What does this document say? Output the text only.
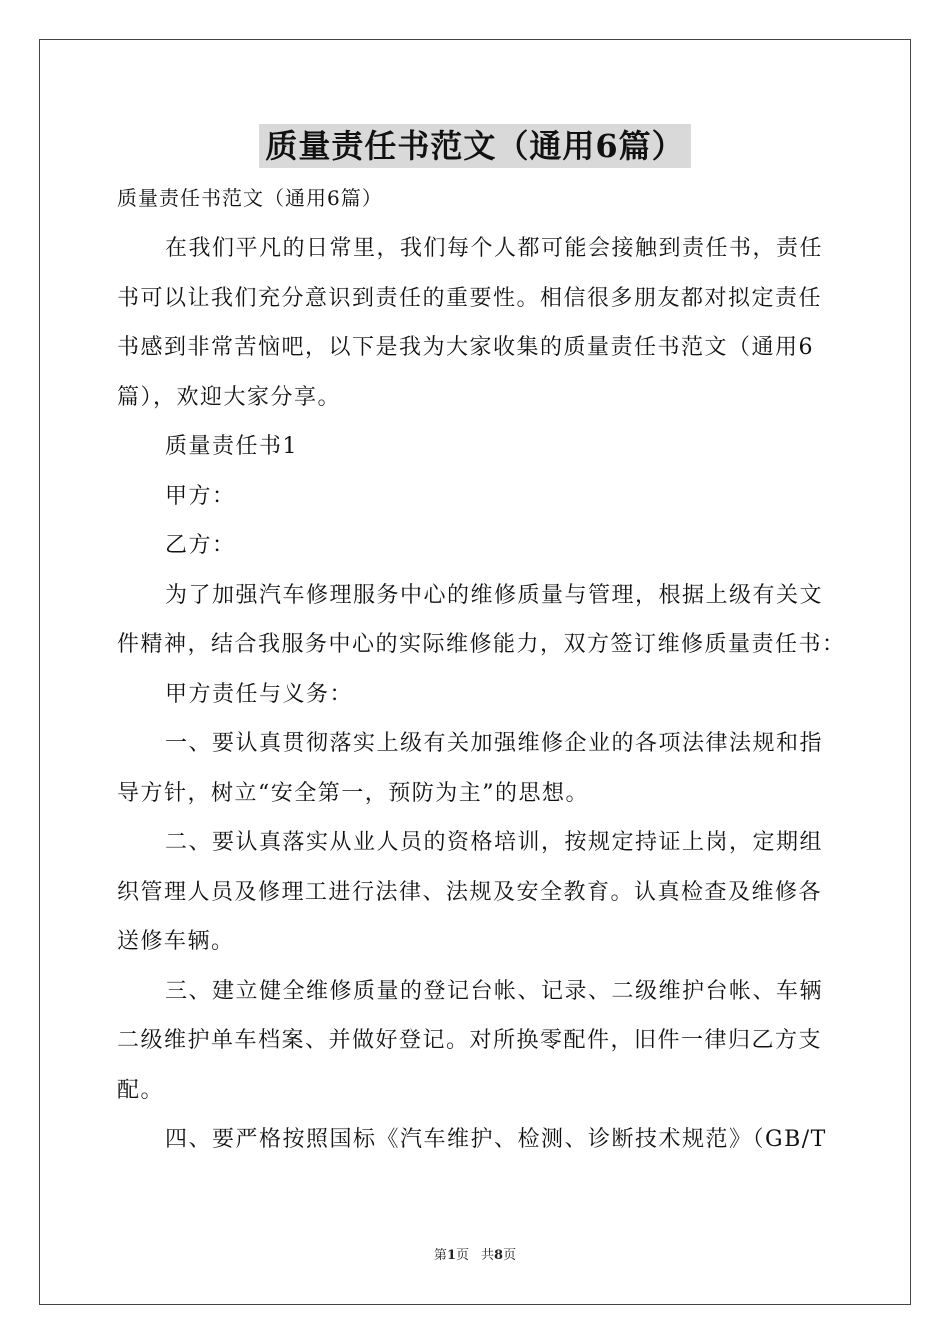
质量责任书范文（通用6篇）
质量责任书范文（通用6篇）
在我们平凡的日常里，我们每个人都可能会接触到责任书，责任
书可以让我们充分意识到责任的重要性。相信很多朋友都对拟定责任
书感到非常苦恼吧，以下是我为大家收集的质量责任书范文（通用6
篇），欢迎大家分享。
质量责任书1
甲方：
乙方：
为了加强汽车修理服务中心的维修质量与管理，根据上级有关文
件精神，结合我服务中心的实际维修能力，双方签订维修质量责任书：
甲方责任与义务：
一、要认真贯彻落实上级有关加强维修企业的各项法律法规和指
导方针，树立“安全第一，预防为主”的思想。
二、要认真落实从业人员的资格培训，按规定持证上岗，定期组
织管理人员及修理工进行法律、法规及安全教育。认真检查及维修各
送修车辆。
三、建立健全维修质量的登记台帐、记录、二级维护台帐、车辆
二级维护单车档案、并做好登记。对所换零配件，旧件一律归乙方支
配。
四、要严格按照国标《汽车维护、检测、诊断技术规范》（GB/T
第1页 共8页
